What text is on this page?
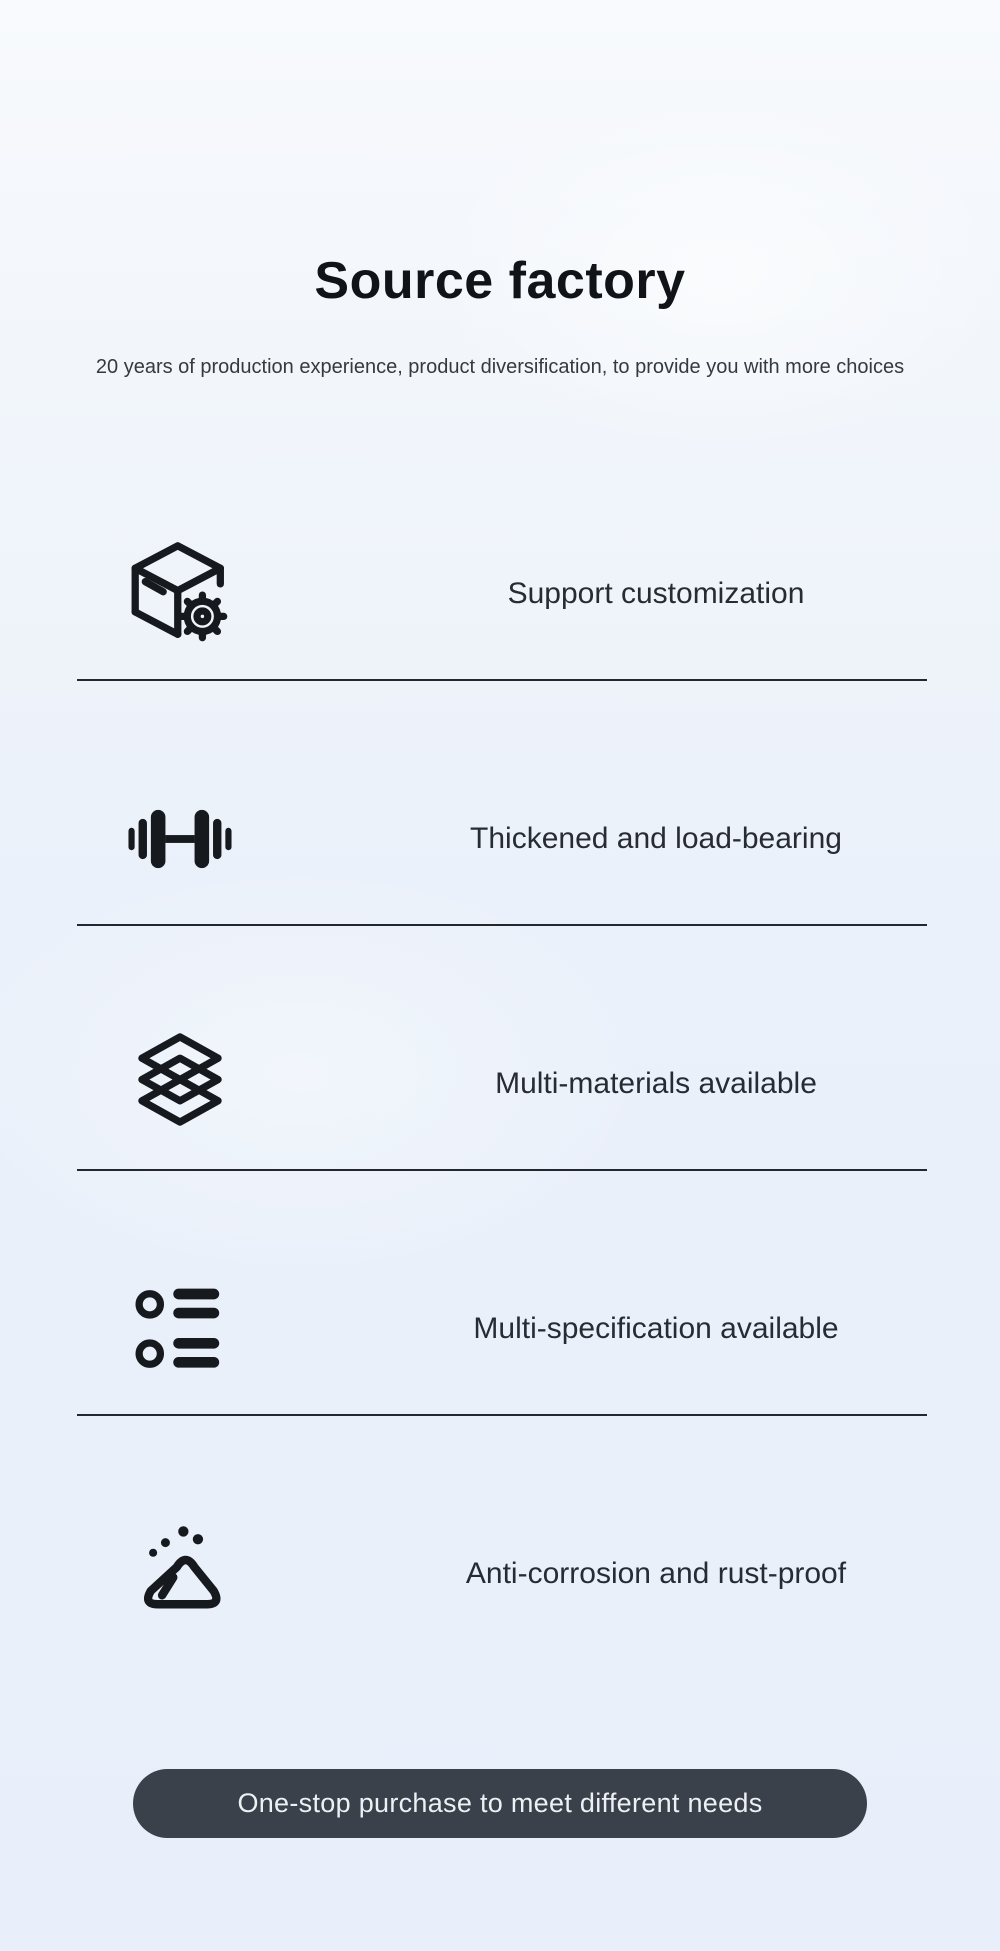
Source factory

20 years of production experience, product diversification, to provide you with more choices

Support customization
Thickened and load-bearing
Multi-materials available
Multi-specification available
Anti-corrosion and rust-proof
One-stop purchase to meet different needs
